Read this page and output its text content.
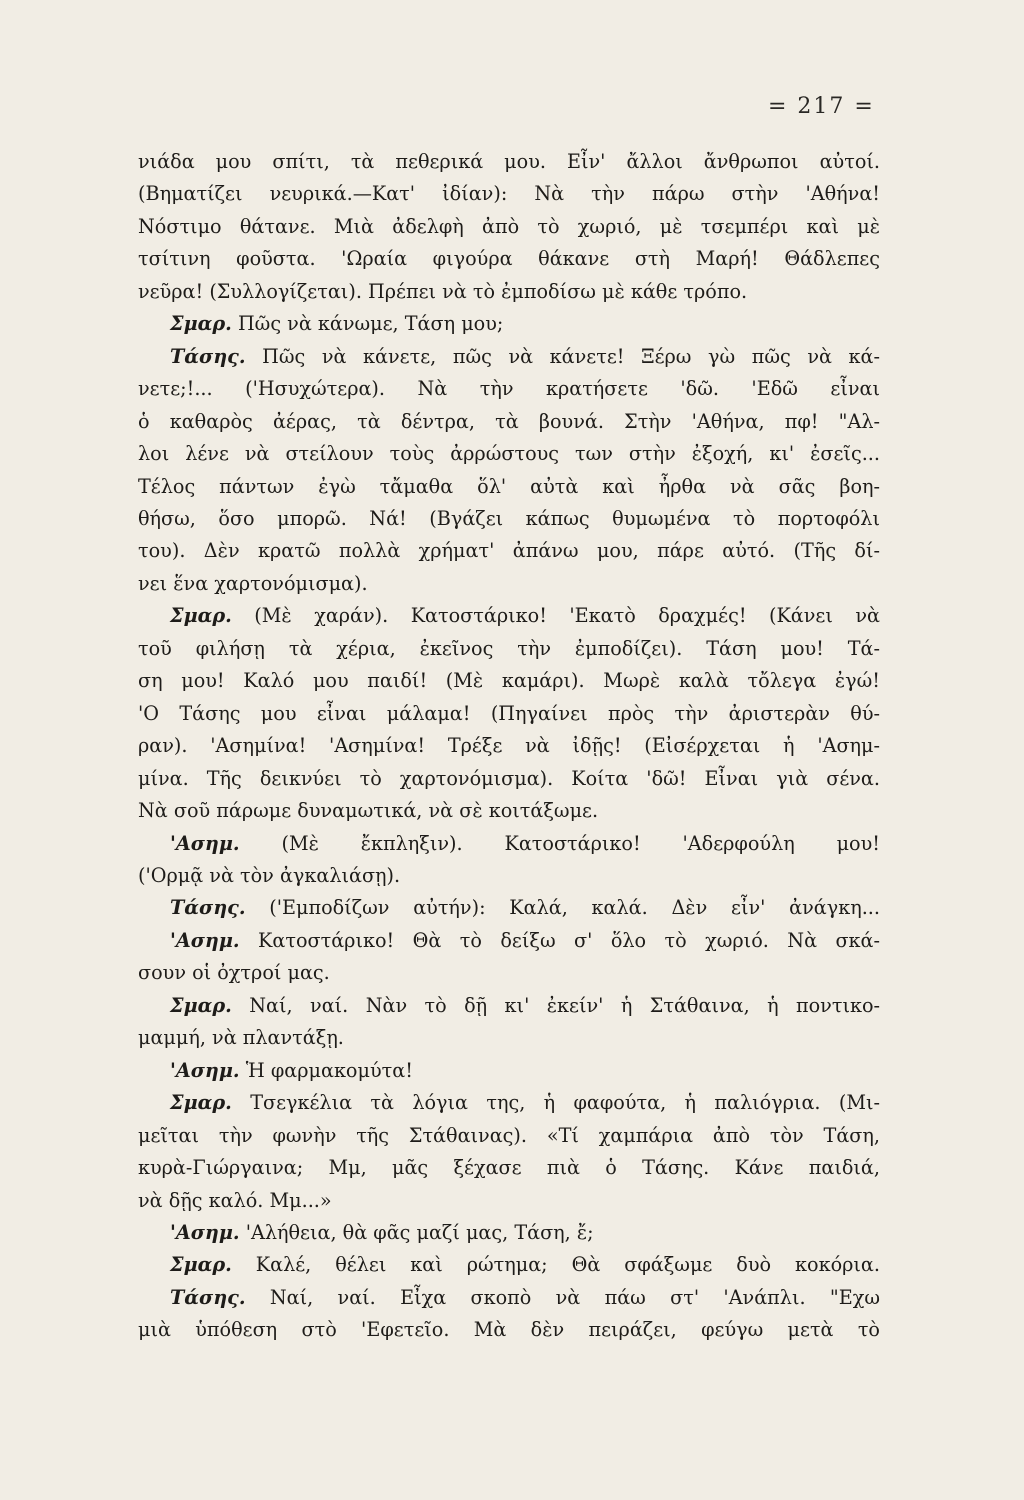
= 217 =
νιάδα μου σπίτι, τὰ πεθερικά μου. Εἶν' ἄλλοι ἄνθρωποι αὐτοί.
(Βηματίζει νευρικά.—Κατ' ἰδίαν): Νὰ τὴν πάρω στὴν 'Αθήνα!
Νόστιμο θάτανε. Μιὰ ἀδελφὴ ἀπὸ τὸ χωριό, μὲ τσεμπέρι καὶ μὲ
τσίτινη φοῦστα. 'Ωραία φιγούρα θάκανε στὴ Μαρή! Θάδλεπες
νεῦρα! (Συλλογίζεται). Πρέπει νὰ τὸ ἐμποδίσω μὲ κάθε τρόπο.
Σμαρ. Πῶς νὰ κάνωμε, Τάση μου;
Τάσης. Πῶς νὰ κάνετε, πῶς νὰ κάνετε! Ξέρω γὼ πῶς νὰ κά-
νετε;!... ('Ησυχώτερα). Νὰ τὴν κρατήσετε 'δῶ. 'Εδῶ εἶναι
ὁ καθαρὸς ἀέρας, τὰ δέντρα, τὰ βουνά. Στὴν 'Αθήνα, πφ! "Αλ-
λοι λένε νὰ στείλουν τοὺς ἀρρώστους των στὴν ἐξοχή, κι' ἐσεῖς...
Τέλος πάντων ἐγὼ τἄμαθα ὅλ' αὐτὰ καὶ ἦρθα νὰ σᾶς βοη-
θήσω, ὅσο μπορῶ. Νά! (Βγάζει κάπως θυμωμένα τὸ πορτοφόλι
του). Δὲν κρατῶ πολλὰ χρήματ' ἀπάνω μου, πάρε αὐτό. (Τῆς δί-
νει ἕνα χαρτονόμισμα).
Σμαρ. (Μὲ χαράν). Κατοστάρικο! 'Εκατὸ δραχμές! (Κάνει νὰ
τοῦ φιλήσῃ τὰ χέρια, ἐκεῖνος τὴν ἐμποδίζει). Τάση μου! Τά-
ση μου! Καλό μου παιδί! (Μὲ καμάρι). Μωρὲ καλὰ τὄλεγα ἐγώ!
'Ο Τάσης μου εἶναι μάλαμα! (Πηγαίνει πρὸς τὴν ἀριστερὰν θύ-
ραν). 'Ασημίνα! 'Ασημίνα! Τρέξε νὰ ἰδῇς! (Εἰσέρχεται ἡ 'Ασημ-
μίνα. Τῆς δεικνύει τὸ χαρτονόμισμα). Κοίτα 'δῶ! Εἶναι γιὰ σένα.
Νὰ σοῦ πάρωμε δυναμωτικά, νὰ σὲ κοιτάξωμε.
'Ασημ. (Μὲ ἔκπληξιν). Κατοστάρικο! 'Αδερφούλη μου!
('Ορμᾷ νὰ τὸν ἀγκαλιάσῃ).
Τάσης. ('Εμποδίζων αὐτήν): Καλά, καλά. Δὲν εἶν' ἀνάγκη...
'Ασημ. Κατοστάρικο! Θὰ τὸ δείξω σ' ὅλο τὸ χωριό. Νὰ σκά-
σουν οἱ ὀχτροί μας.
Σμαρ. Ναί, ναί. Νὰν τὸ δῇ κι' ἐκείν' ἡ Στάθαινα, ἡ ποντικο-
μαμμή, νὰ πλαντάξῃ.
'Ασημ. Ἡ φαρμακομύτα!
Σμαρ. Τσεγκέλια τὰ λόγια της, ἡ φαφούτα, ἡ παλιόγρια. (Μι-
μεῖται τὴν φωνὴν τῆς Στάθαινας). «Τί χαμπάρια ἀπὸ τὸν Τάση,
κυρὰ-Γιώργαινα; Μμ, μᾶς ξέχασε πιὰ ὁ Τάσης. Κάνε παιδιά,
νὰ δῇς καλό. Μμ...»
'Ασημ. 'Αλήθεια, θὰ φᾶς μαζί μας, Τάση, ἔ;
Σμαρ. Καλέ, θέλει καὶ ρώτημα; Θὰ σφάξωμε δυὸ κοκόρια.
Τάσης. Ναί, ναί. Εἶχα σκοπὸ νὰ πάω στ' 'Ανάπλι. "Εχω
μιὰ ὑπόθεση στὸ 'Εφετεῖο. Μὰ δὲν πειράζει, φεύγω μετὰ τὸ
